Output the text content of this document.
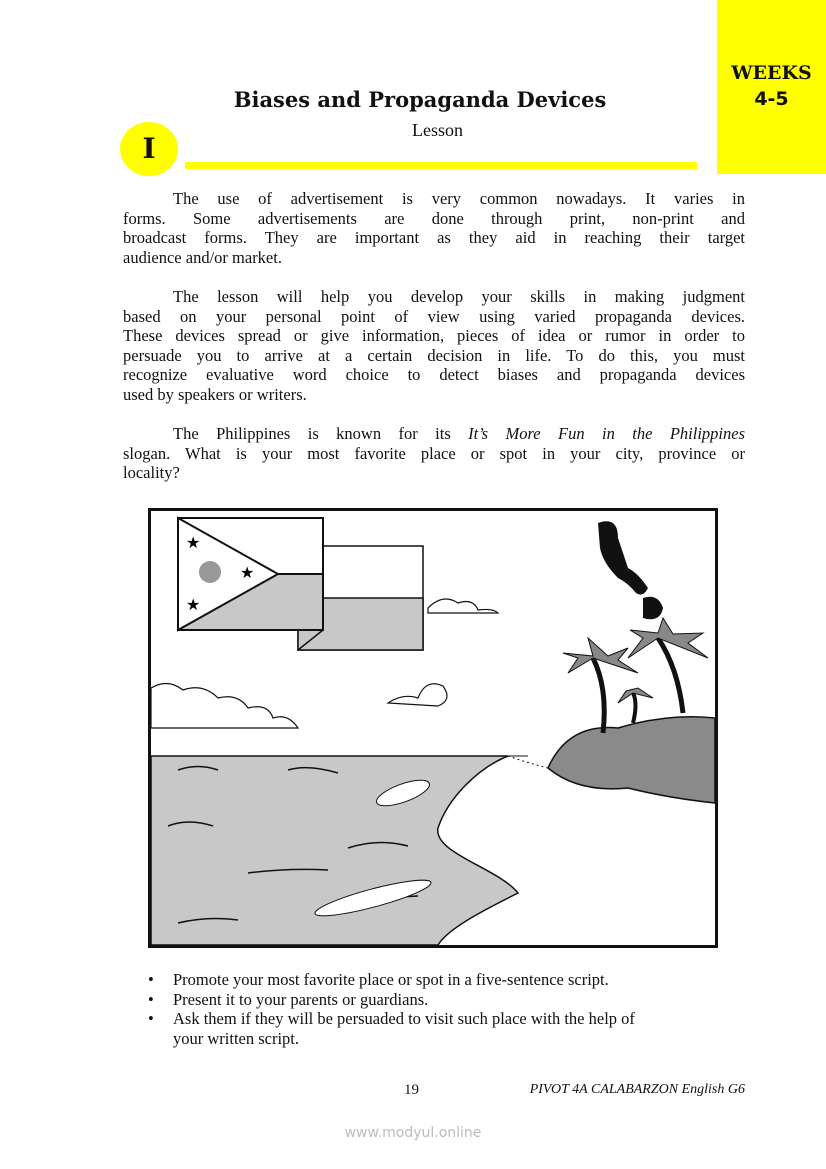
WEEKS
4-5
Biases and Propaganda Devices
Lesson
I
The use of advertisement is very common nowadays. It varies in
forms. Some advertisements are done through print, non-print and
broadcast forms. They are important as they aid in reaching their target
audience and/or market.
The lesson will help you develop your skills in making judgment
based on your personal point of view using varied propaganda devices.
These devices spread or give information, pieces of idea or rumor in order to
persuade you to arrive at a certain decision in life. To do this, you must
recognize evaluative word choice to detect biases and propaganda devices
used by speakers or writers.
The Philippines is known for its It’s More Fun in the Philippines
slogan. What is your most favorite place or spot in your city, province or
locality?
★
★
★
• Promote your most favorite place or spot in a five-sentence script.
• Present it to your parents or guardians.
• Ask them if they will be persuaded to visit such place with the help of
your written script.
19	PIVOT 4A CALABARZON English G6
www.modyul.online
